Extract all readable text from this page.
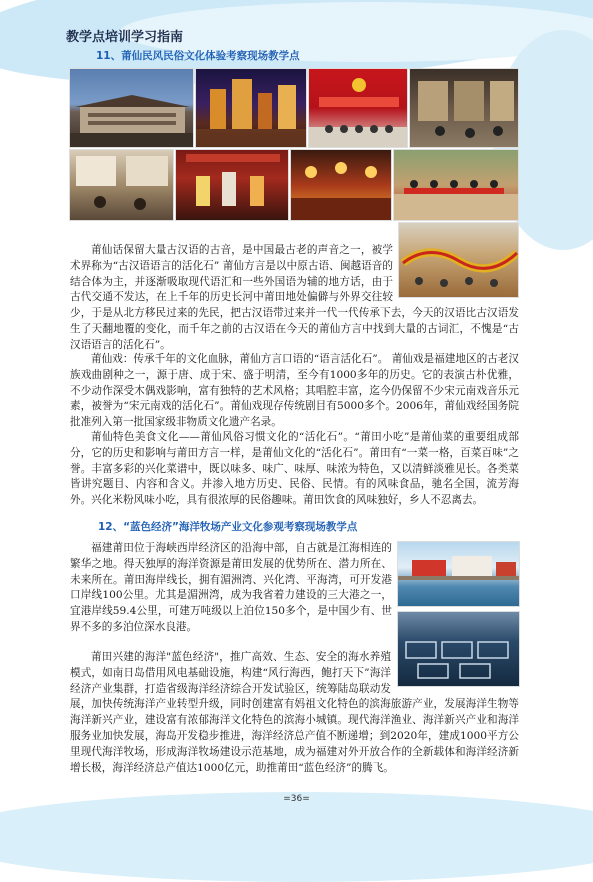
教学点培训学习指南
11、莆仙民风民俗文化体验考察现场教学点

莆仙话保留大量古汉语的古音，是中国最古老的声音之一，被学术界称为“古汉语语言的活化石” 莆仙方言是以中原古语、闽越语音的结合体为主，并逐渐吸取现代语汇和一些外国语为辅的地方话，由于古代交通不发达，在上千年的历史长河中莆田地处偏僻与外界交往较少，于是从北方移民过来的先民，把古汉语带过来并一代一代传承下去，今天的汉语比古汉语发生了天翻地覆的变化，而千年之前的古汉语在今天的莆仙方言中找到大量的古词汇，不愧是“古汉语语言的活化石”。

莆仙戏：传承千年的文化血脉，莆仙方言口语的“语言活化石”。 莆仙戏是福建地区的古老汉族戏曲剧种之一，源于唐、成于宋、盛于明清，至今有1000多年的历史。它的表演古朴优雅，不少动作深受木偶戏影响，富有独特的艺术风格；其唱腔丰富，迄今仍保留不少宋元南戏音乐元素，被誉为“宋元南戏的活化石”。莆仙戏现存传统剧目有5000多个。2006年，莆仙戏经国务院批准列入第一批国家级非物质文化遗产名录。

莆仙特色美食文化——莆仙风俗习惯文化的“活化石”。“莆田小吃”是莆仙菜的重要组成部分，它的历史和影响与莆田方言一样，是莆仙文化的“活化石”。莆田有“一菜一格，百菜百味”之誉。丰富多彩的兴化菜谱中，既以味多、味广、味厚、味浓为特色，又以清鲜淡雅见长。各类菜皆讲究题目、内容和含义。并渗入地方历史、民俗、民情。有的风味食品，驰名全国，流芳海外。兴化米粉风味小吃，具有很浓厚的民俗趣味。莆田饮食的风味独好，乡人不忍离去。

12、“蓝色经济”海洋牧场产业文化参观考察现场教学点

福建莆田位于海峡西岸经济区的沿海中部，自古就是江海相连的繁华之地。得天独厚的海洋资源是莆田发展的优势所在、潜力所在、未来所在。莆田海岸线长，拥有湄洲湾、兴化湾、平海湾，可开发港口岸线100公里。尤其是湄洲湾，成为我省着力建设的三大港之一，宜港岸线59.4公里，可建万吨级以上泊位150多个，是中国少有、世界不多的多泊位深水良港。

莆田兴建的海洋"蓝色经济"，推广高效、生态、安全的海水养殖模式，如南日岛借用风电基础设施，构建“风行海西，鲍打天下”海洋经济产业集群，打造省级海洋经济综合开发试验区，统筹陆岛联动发展，加快传统海洋产业转型升级，同时创建富有妈祖文化特色的滨海旅游产业，发展海洋生物等海洋新兴产业，建设富有浓郁海洋文化特色的滨海小城镇。现代海洋渔业、海洋新兴产业和海洋服务业加快发展，海岛开发稳步推进，海洋经济总产值不断递增；到2020年，建成1000平方公里现代海洋牧场，形成海洋牧场建设示范基地，成为福建对外开放合作的全新载体和海洋经济新增长极，海洋经济总产值达1000亿元，助推莆田“蓝色经济”的腾飞。

=36=
